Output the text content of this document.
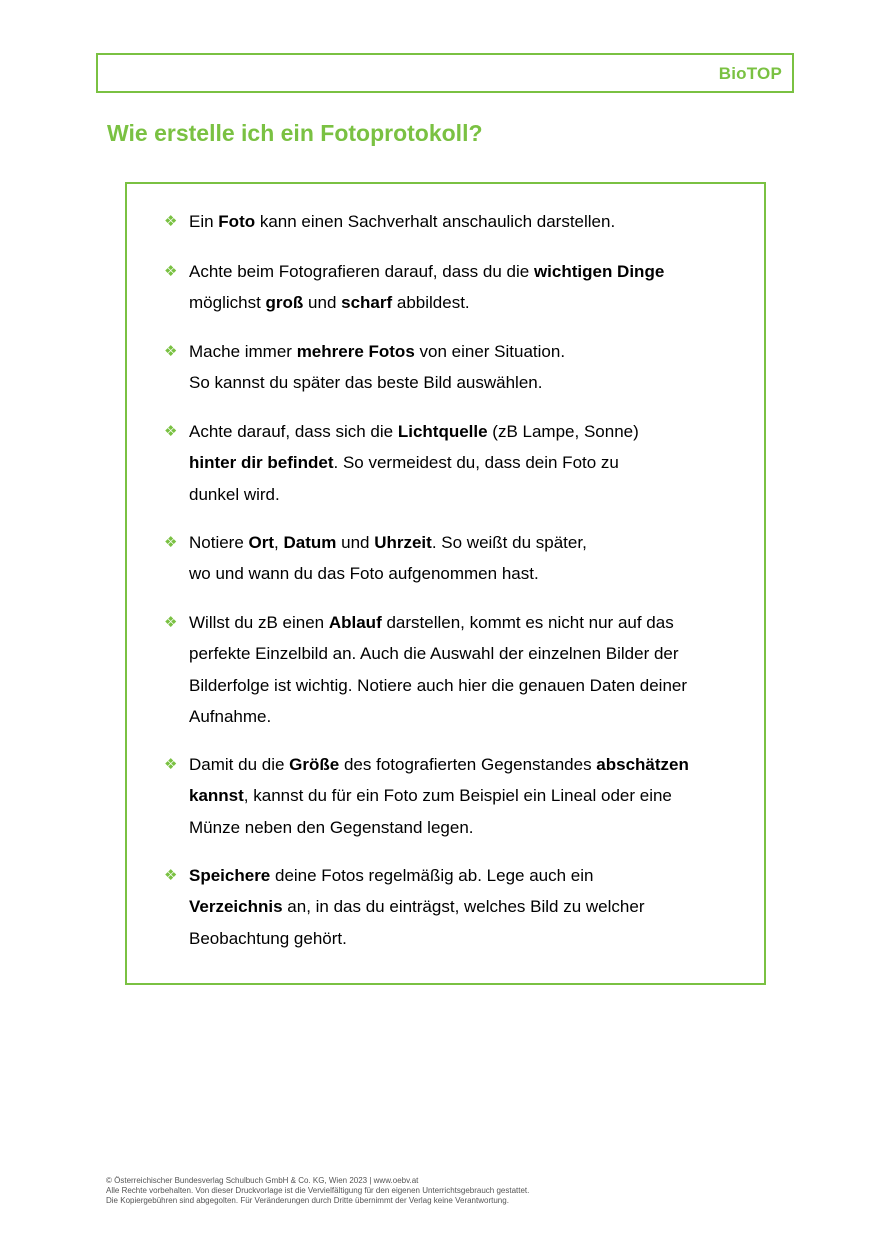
BioTOP
Wie erstelle ich ein Fotoprotokoll?
❖ Ein Foto kann einen Sachverhalt anschaulich darstellen.
❖ Achte beim Fotografieren darauf, dass du die wichtigen Dinge
möglichst groß und scharf abbildest.
❖ Mache immer mehrere Fotos von einer Situation.
So kannst du später das beste Bild auswählen.
❖ Achte darauf, dass sich die Lichtquelle (zB Lampe, Sonne)
hinter dir befindet. So vermeidest du, dass dein Foto zu
dunkel wird.
❖ Notiere Ort, Datum und Uhrzeit. So weißt du später,
wo und wann du das Foto aufgenommen hast.
❖ Willst du zB einen Ablauf darstellen, kommt es nicht nur auf das
perfekte Einzelbild an. Auch die Auswahl der einzelnen Bilder der
Bilderfolge ist wichtig. Notiere auch hier die genauen Daten deiner
Aufnahme.
❖ Damit du die Größe des fotografierten Gegenstandes abschätzen
kannst, kannst du für ein Foto zum Beispiel ein Lineal oder eine
Münze neben den Gegenstand legen.
❖ Speichere deine Fotos regelmäßig ab. Lege auch ein
Verzeichnis an, in das du einträgst, welches Bild zu welcher
Beobachtung gehört.
© Österreichischer Bundesverlag Schulbuch GmbH & Co. KG, Wien 2023 | www.oebv.at
Alle Rechte vorbehalten. Von dieser Druckvorlage ist die Vervielfältigung für den eigenen Unterrichtsgebrauch gestattet.
Die Kopiergebühren sind abgegolten. Für Veränderungen durch Dritte übernimmt der Verlag keine Verantwortung.
